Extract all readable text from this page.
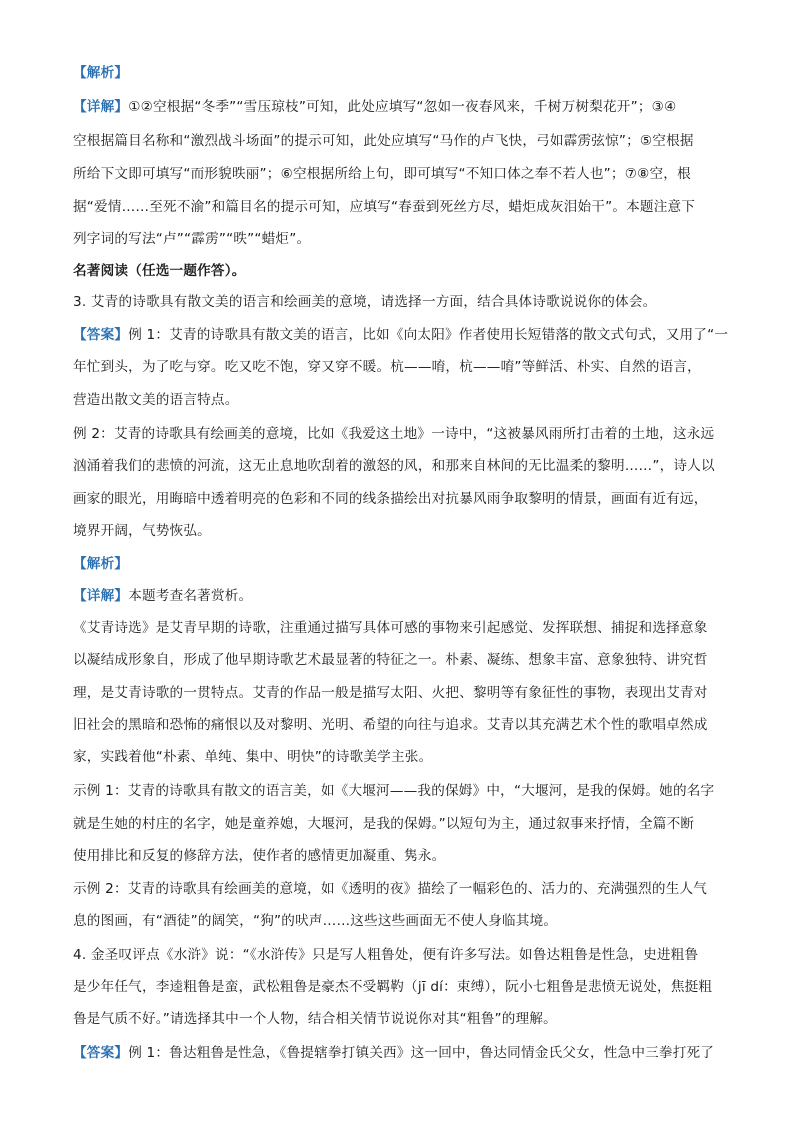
【解析】
【详解】①②空根据“冬季”“雪压琼枝”可知，此处应填写“忽如一夜春风来，千树万树梨花开”；③④
空根据篇目名称和“激烈战斗场面”的提示可知，此处应填写“马作的卢飞快，弓如霹雳弦惊”；⑤空根据
所给下文即可填写“而形貌昳丽”；⑥空根据所给上句，即可填写“不知口体之奉不若人也”；⑦⑧空，根
据“爱情……至死不渝”和篇目名的提示可知，应填写“春蚕到死丝方尽，蜡炬成灰泪始干”。本题注意下
列字词的写法“卢”“霹雳”“昳”“蜡炬”。
名著阅读（任选一题作答）。
3. 艾青的诗歌具有散文美的语言和绘画美的意境，请选择一方面，结合具体诗歌说说你的体会。
【答案】例 1：艾青的诗歌具有散文美的语言，比如《向太阳》作者使用长短错落的散文式句式，又用了“一
年忙到头，为了吃与穿。吃又吃不饱，穿又穿不暖。杭——唷，杭——唷”等鲜活、朴实、自然的语言，
营造出散文美的语言特点。
例 2：艾青的诗歌具有绘画美的意境，比如《我爱这土地》一诗中，“这被暴风雨所打击着的土地，这永远
汹涌着我们的悲愤的河流，这无止息地吹刮着的激怒的风，和那来自林间的无比温柔的黎明……”，诗人以
画家的眼光，用晦暗中透着明亮的色彩和不同的线条描绘出对抗暴风雨争取黎明的情景，画面有近有远，
境界开阔，气势恢弘。
【解析】
【详解】本题考查名著赏析。
《艾青诗选》是艾青早期的诗歌，注重通过描写具体可感的事物来引起感觉、发挥联想、捕捉和选择意象
以凝结成形象自，形成了他早期诗歌艺术最显著的特征之一。朴素、凝练、想象丰富、意象独特、讲究哲
理，是艾青诗歌的一贯特点。艾青的作品一般是描写太阳、火把、黎明等有象征性的事物，表现出艾青对
旧社会的黑暗和恐怖的痛恨以及对黎明、光明、希望的向往与追求。艾青以其充满艺术个性的歌唱卓然成
家，实践着他“朴素、单纯、集中、明快”的诗歌美学主张。
示例 1：艾青的诗歌具有散文的语言美，如《大堰河——我的保姆》中，“大堰河，是我的保姆。她的名字
就是生她的村庄的名字，她是童养媳，大堰河，是我的保姆。”以短句为主，通过叙事来抒情，全篇不断
使用排比和反复的修辞方法，使作者的感情更加凝重、隽永。
示例 2：艾青的诗歌具有绘画美的意境，如《透明的夜》描绘了一幅彩色的、活力的、充满强烈的生人气
息的图画，有“酒徒”的阔笑，“狗”的吠声……这些这些画面无不使人身临其境。
4. 金圣叹评点《水浒》说：“《水浒传》只是写人粗鲁处，便有许多写法。如鲁达粗鲁是性急，史进粗鲁
是少年任气，李逵粗鲁是蛮，武松粗鲁是豪杰不受羁靮（jī dí：束缚），阮小七粗鲁是悲愤无说处，焦挺粗
鲁是气质不好。”请选择其中一个人物，结合相关情节说说你对其“粗鲁”的理解。
【答案】例 1：鲁达粗鲁是性急，《鲁提辖拳打镇关西》这一回中，鲁达同情金氏父女，性急中三拳打死了
